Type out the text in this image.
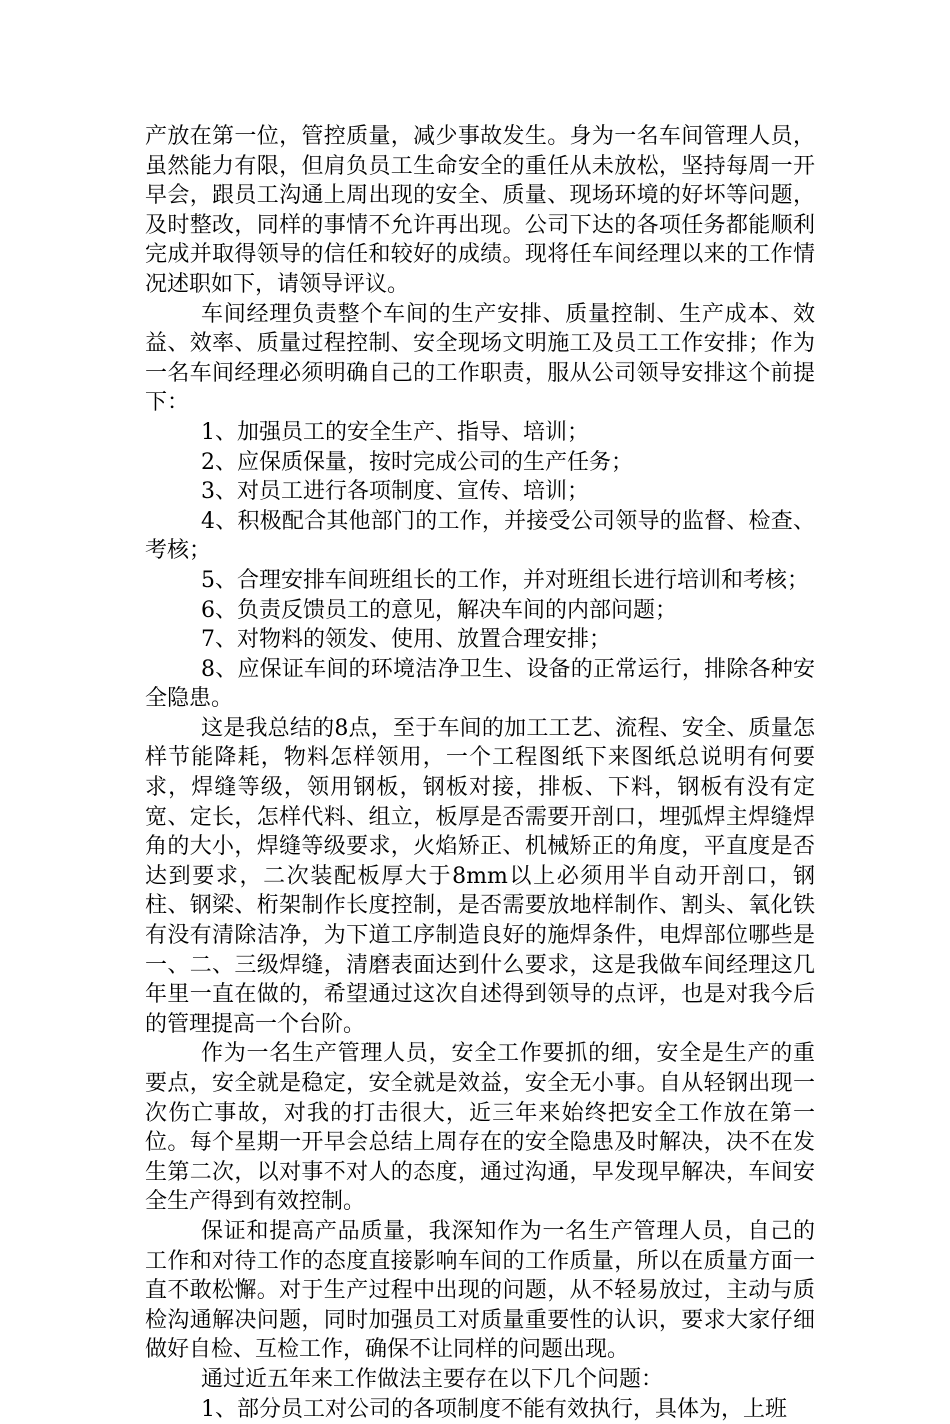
产放在第一位，管控质量，减少事故发生。身为一名车间管理人员，虽然能力有限，但肩负员工生命安全的重任从未放松，坚持每周一开早会，跟员工沟通上周出现的安全、质量、现场环境的好坏等问题，及时整改，同样的事情不允许再出现。公司下达的各项任务都能顺利完成并取得领导的信任和较好的成绩。现将任车间经理以来的工作情况述职如下，请领导评议。

车间经理负责整个车间的生产安排、质量控制、生产成本、效益、效率、质量过程控制、安全现场文明施工及员工工作安排；作为一名车间经理必须明确自己的工作职责，服从公司领导安排这个前提下：

1、加强员工的安全生产、指导、培训；

2、应保质保量，按时完成公司的生产任务；

3、对员工进行各项制度、宣传、培训；

4、积极配合其他部门的工作，并接受公司领导的监督、检查、考核；

5、合理安排车间班组长的工作，并对班组长进行培训和考核；

6、负责反馈员工的意见，解决车间的内部问题；

7、对物料的领发、使用、放置合理安排；

8、应保证车间的环境洁净卫生、设备的正常运行，排除各种安全隐患。

这是我总结的8点，至于车间的加工工艺、流程、安全、质量怎样节能降耗，物料怎样领用，一个工程图纸下来图纸总说明有何要求，焊缝等级，领用钢板，钢板对接，排板、下料，钢板有没有定宽、定长，怎样代料、组立，板厚是否需要开剖口，埋弧焊主焊缝焊角的大小，焊缝等级要求，火焰矫正、机械矫正的角度，平直度是否达到要求，二次装配板厚大于8mm以上必须用半自动开剖口，钢柱、钢梁、桁架制作长度控制，是否需要放地样制作、割头、氧化铁有没有清除洁净，为下道工序制造良好的施焊条件，电焊部位哪些是一、二、三级焊缝，清磨表面达到什么要求，这是我做车间经理这几年里一直在做的，希望通过这次自述得到领导的点评，也是对我今后的管理提高一个台阶。

作为一名生产管理人员，安全工作要抓的细，安全是生产的重要点，安全就是稳定，安全就是效益，安全无小事。自从轻钢出现一次伤亡事故，对我的打击很大，近三年来始终把安全工作放在第一位。每个星期一开早会总结上周存在的安全隐患及时解决，决不在发生第二次，以对事不对人的态度，通过沟通，早发现早解决，车间安全生产得到有效控制。

保证和提高产品质量，我深知作为一名生产管理人员，自己的工作和对待工作的态度直接影响车间的工作质量，所以在质量方面一直不敢松懈。对于生产过程中出现的问题，从不轻易放过，主动与质检沟通解决问题，同时加强员工对质量重要性的认识，要求大家仔细做好自检、互检工作，确保不让同样的问题出现。

通过近五年来工作做法主要存在以下几个问题：

1、部分员工对公司的各项制度不能有效执行，具体为，上班
